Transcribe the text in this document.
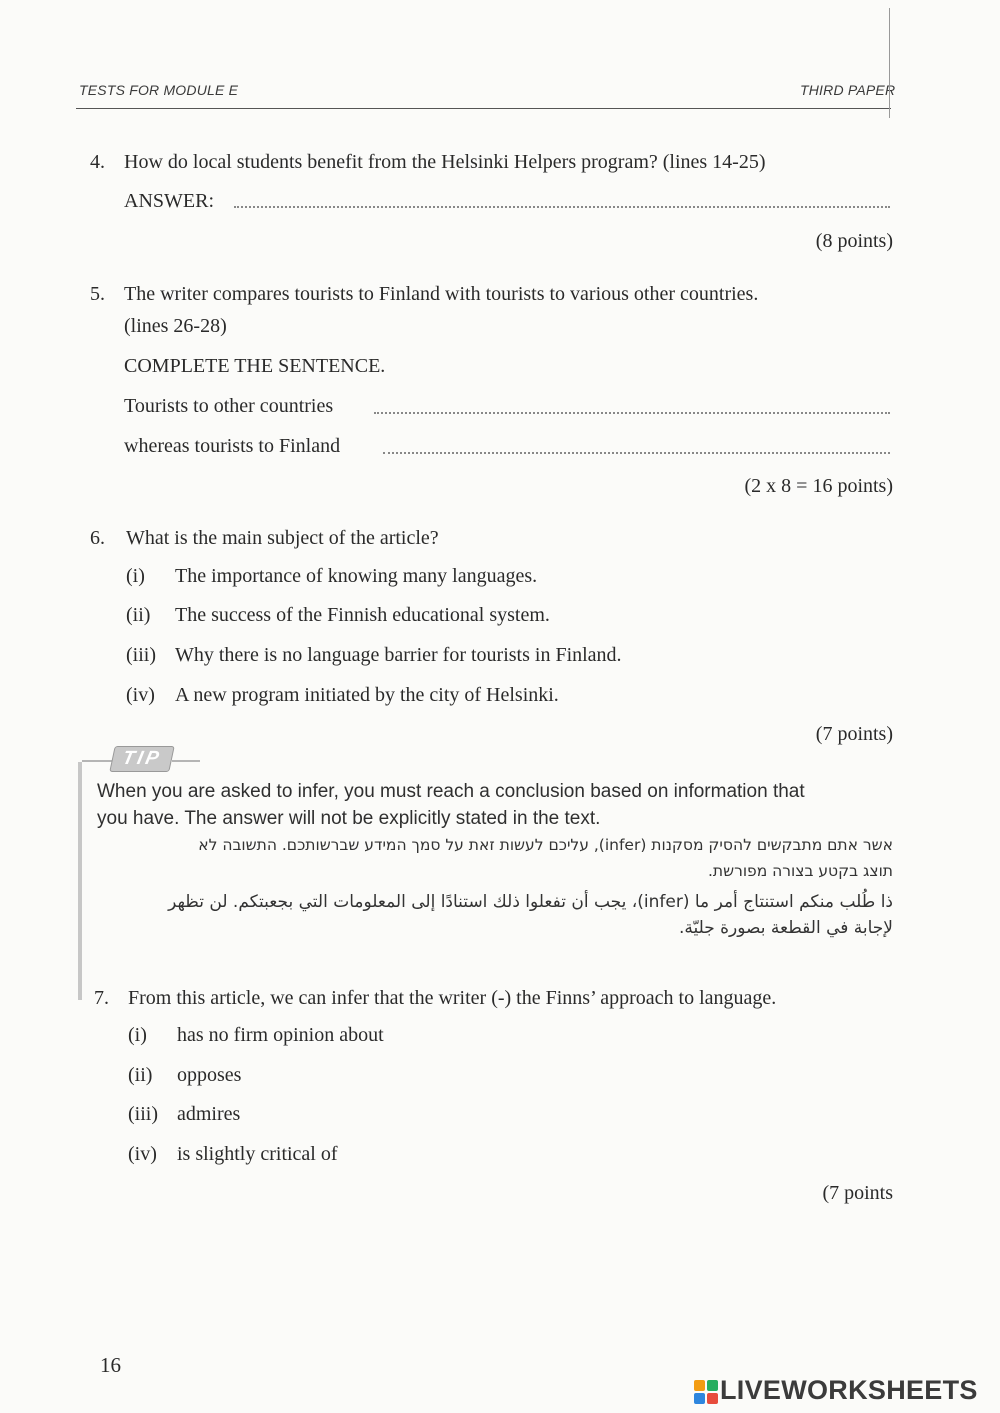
TESTS FOR MODULE E	THIRD PAPER
4. How do local students benefit from the Helsinki Helpers program? (lines 14-25)
ANSWER:
(8 points)
5. The writer compares tourists to Finland with tourists to various other countries.
(lines 26-28)
COMPLETE THE SENTENCE.
Tourists to other countries
whereas tourists to Finland
(2 x 8 = 16 points)
6. What is the main subject of the article?
(i) The importance of knowing many languages.
(ii) The success of the Finnish educational system.
(iii) Why there is no language barrier for tourists in Finland.
(iv) A new program initiated by the city of Helsinki.
(7 points)
TIP
When you are asked to infer, you must reach a conclusion based on information that
you have. The answer will not be explicitly stated in the text.
אשר אתם מתבקשים להסיק מסקנות (infer), עליכם לעשות זאת על סמך המידע שברשותכם. התשובה לא
תוצג בקטע בצורה מפורשת.
ذا طُلب منكم استنتاج أمر ما (infer)، يجب أن تفعلوا ذلك استنادًا إلى المعلومات التي بجعبتكم. لن تظهر
لإجابة في القطعة بصورة جليّة.
7. From this article, we can infer that the writer (-) the Finns’ approach to language.
(i) has no firm opinion about
(ii) opposes
(iii) admires
(iv) is slightly critical of
(7 points
16
LIVEWORKSHEETS
